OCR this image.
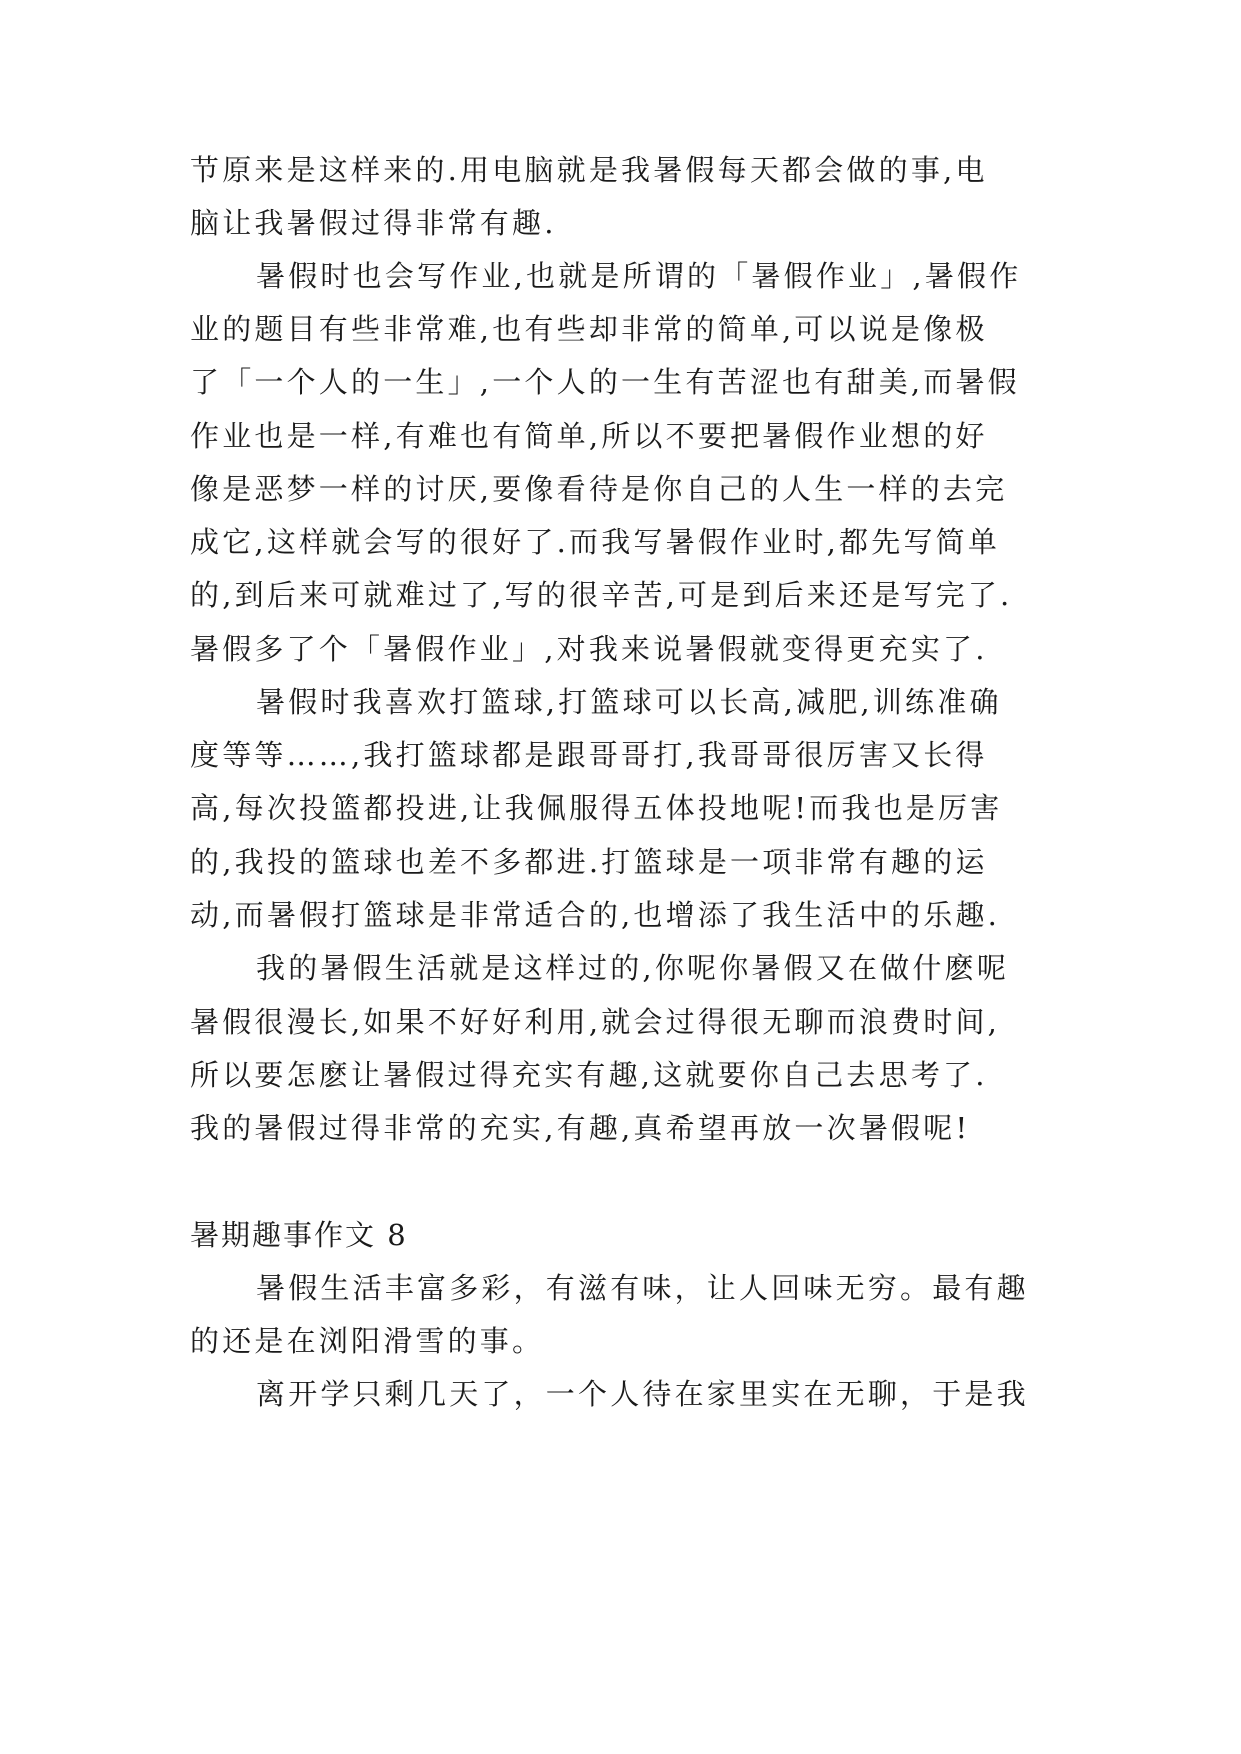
节原来是这样来的.用电脑就是我暑假每天都会做的事,电
脑让我暑假过得非常有趣.
暑假时也会写作业,也就是所谓的「暑假作业」,暑假作
业的题目有些非常难,也有些却非常的简单,可以说是像极
了「一个人的一生」,一个人的一生有苦涩也有甜美,而暑假
作业也是一样,有难也有简单,所以不要把暑假作业想的好
像是恶梦一样的讨厌,要像看待是你自己的人生一样的去完
成它,这样就会写的很好了.而我写暑假作业时,都先写简单
的,到后来可就难过了,写的很辛苦,可是到后来还是写完了.
暑假多了个「暑假作业」,对我来说暑假就变得更充实了.
暑假时我喜欢打篮球,打篮球可以长高,减肥,训练准确
度等等……,我打篮球都是跟哥哥打,我哥哥很厉害又长得
高,每次投篮都投进,让我佩服得五体投地呢!而我也是厉害
的,我投的篮球也差不多都进.打篮球是一项非常有趣的运
动,而暑假打篮球是非常适合的,也增添了我生活中的乐趣.
我的暑假生活就是这样过的,你呢你暑假又在做什麽呢
暑假很漫长,如果不好好利用,就会过得很无聊而浪费时间,
所以要怎麽让暑假过得充实有趣,这就要你自己去思考了.
我的暑假过得非常的充实,有趣,真希望再放一次暑假呢!
暑期趣事作文 8
暑假生活丰富多彩，有滋有味，让人回味无穷。最有趣
的还是在浏阳滑雪的事。
离开学只剩几天了，一个人待在家里实在无聊，于是我
